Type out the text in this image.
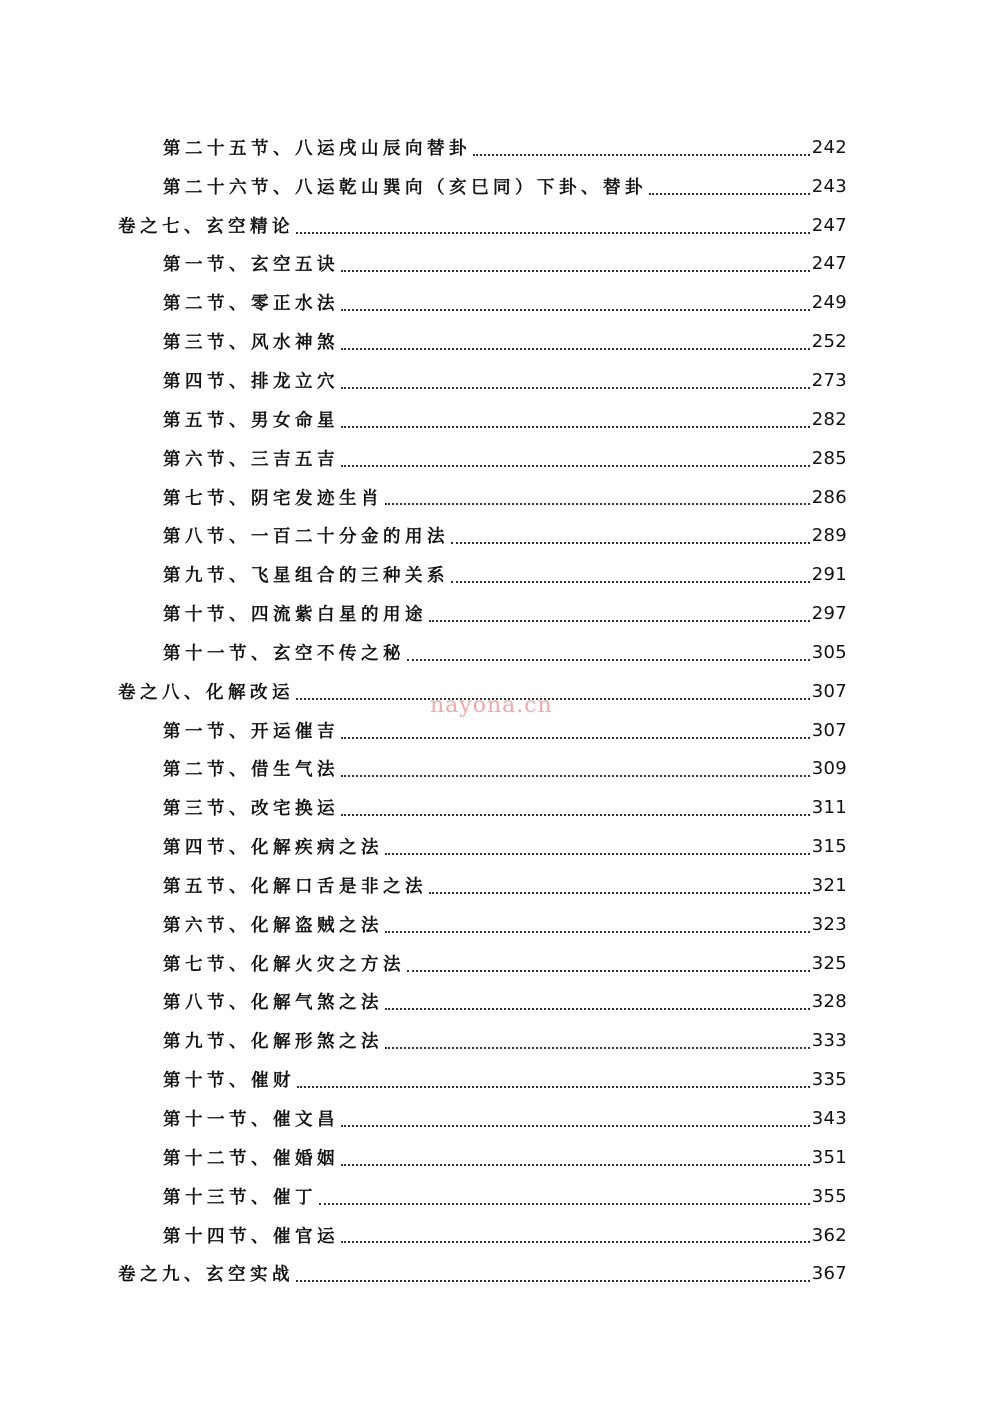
第二十五节、八运戌山辰向替卦	242
第二十六节、八运乾山巽向（亥巳同）下卦、替卦	243
卷之七、玄空精论	247
第一节、玄空五诀	247
第二节、零正水法	249
第三节、风水神煞	252
第四节、排龙立穴	273
第五节、男女命星	282
第六节、三吉五吉	285
第七节、阴宅发迹生肖	286
第八节、一百二十分金的用法	289
第九节、飞星组合的三种关系	291
第十节、四流紫白星的用途	297
第十一节、玄空不传之秘	305
卷之八、化解改运	307
第一节、开运催吉	307
第二节、借生气法	309
第三节、改宅换运	311
第四节、化解疾病之法	315
第五节、化解口舌是非之法	321
第六节、化解盗贼之法	323
第七节、化解火灾之方法	325
第八节、化解气煞之法	328
第九节、化解形煞之法	333
第十节、催财	335
第十一节、催文昌	343
第十二节、催婚姻	351
第十三节、催丁	355
第十四节、催官运	362
卷之九、玄空实战	367
nayona.cn
